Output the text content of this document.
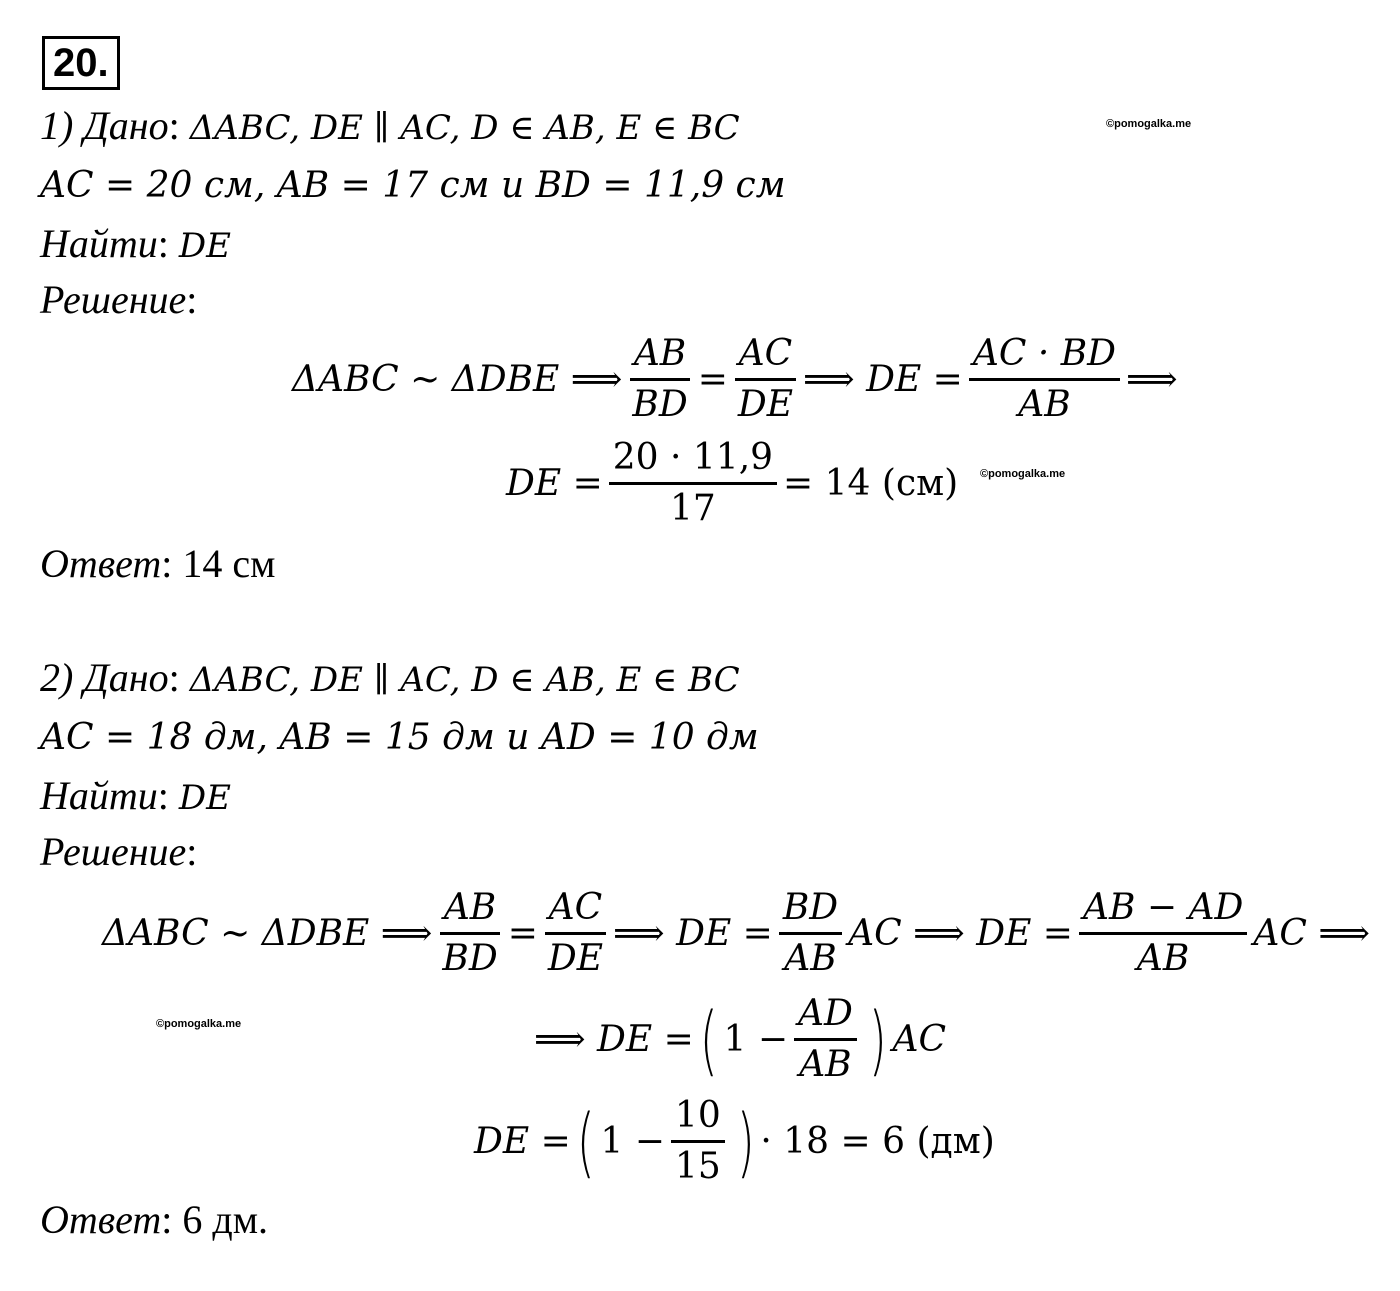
20.
©pomogalka.me
©pomogalka.me
©pomogalka.me
1) Дано: ΔABC, DE ∥ AC, D ∈ AB, E ∈ BC
AC = 20 см, AB = 17 см и BD = 11,9 см
Найти: DE
Решение:
ΔABC ~ ΔDBE ⟹ $\frac{AB}{BD} = \frac{AC}{DE}$ ⟹ DE = $\frac{AC \cdot BD}{AB}$ ⟹
DE = $\frac{20 \cdot 11,9}{17} = 14$ (см)
Ответ: 14 см
2) Дано: ΔABC, DE ∥ AC, D ∈ AB, E ∈ BC
AC = 18 дм, AB = 15 дм и AD = 10 дм
Найти: DE
Решение:
ΔABC ~ ΔDBE ⟹ $\frac{AB}{BD} = \frac{AC}{DE}$ ⟹ DE = $\frac{BD}{AB}$ AC ⟹ DE = $\frac{AB - AD}{AB}$ AC ⟹
⟹ DE = ( $1 - \frac{AD}{AB}$ ) AC
DE = ( $1 - \frac{10}{15}$ ) · 18 = 6 (дм)
Ответ: 6 дм.
